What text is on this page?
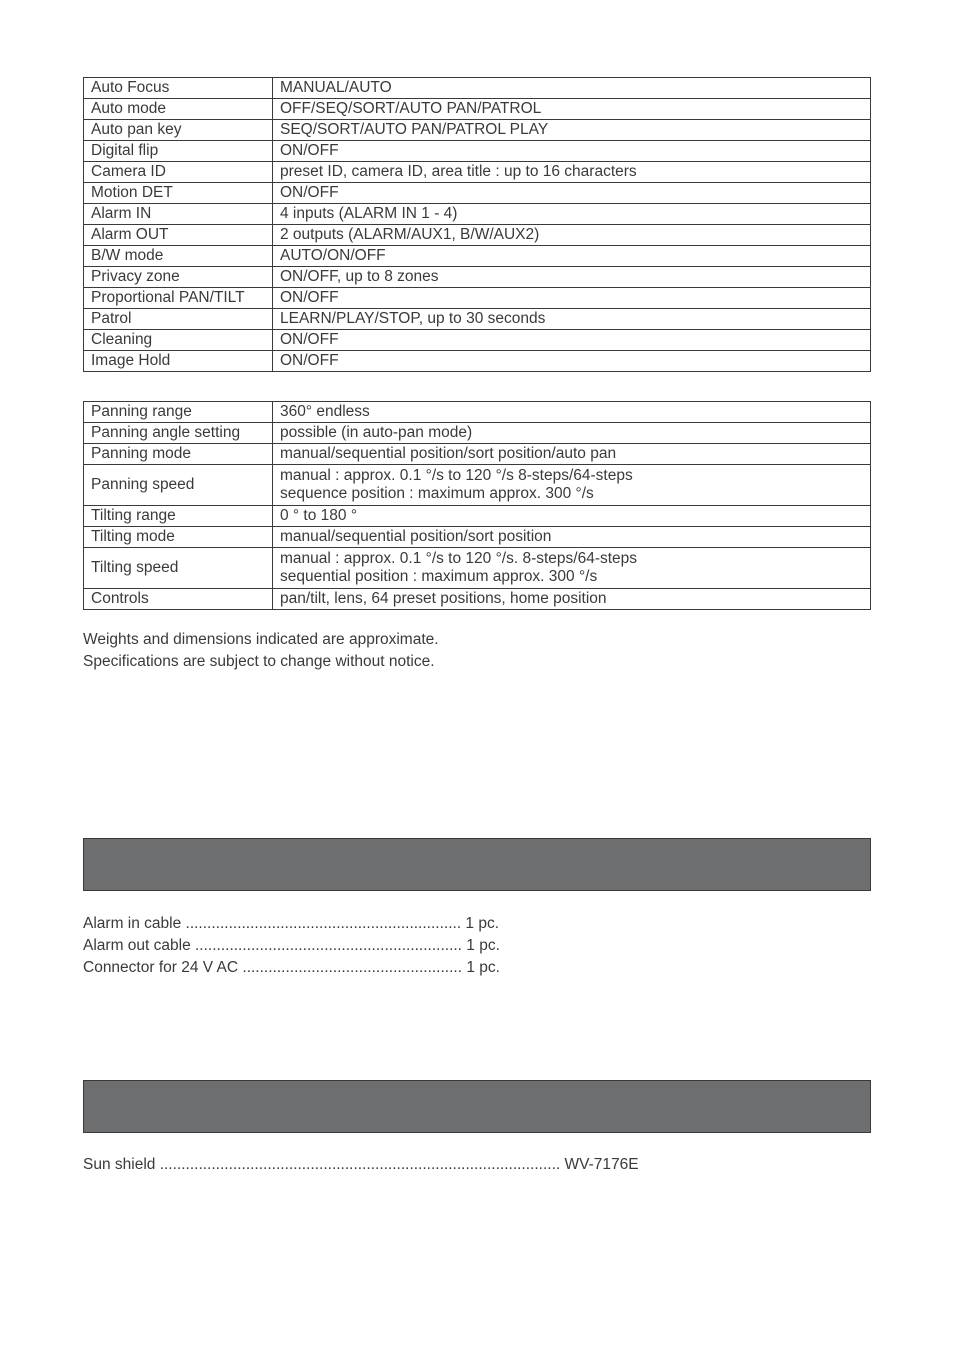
Auto Focus	MANUAL/AUTO
Auto mode	OFF/SEQ/SORT/AUTO PAN/PATROL
Auto pan key	SEQ/SORT/AUTO PAN/PATROL PLAY
Digital flip	ON/OFF
Camera ID	preset ID, camera ID, area title : up to 16 characters
Motion DET	ON/OFF
Alarm IN	4 inputs (ALARM IN 1 - 4)
Alarm OUT	2 outputs (ALARM/AUX1, B/W/AUX2)
B/W mode	AUTO/ON/OFF
Privacy zone	ON/OFF, up to 8 zones
Proportional PAN/TILT	ON/OFF
Patrol	LEARN/PLAY/STOP, up to 30 seconds
Cleaning	ON/OFF
Image Hold	ON/OFF
Panning range	360° endless
Panning angle setting	possible (in auto-pan mode)
Panning mode	manual/sequential position/sort position/auto pan
Panning speed	manual : approx. 0.1 °/s to 120 °/s 8-steps/64-steps
sequence position : maximum approx. 300 °/s

Tilting range	0 ° to 180 °
Tilting mode	manual/sequential position/sort position
Tilting speed	manual : approx. 0.1 °/s to 120 °/s. 8-steps/64-steps
sequential position : maximum approx. 300 °/s

Controls	pan/tilt, lens, 64 preset positions, home position
Weights and dimensions indicated are approximate.
Specifications are subject to change without notice.
Alarm in cable ................................................................ 1 pc.
Alarm out cable .............................................................. 1 pc.
Connector for 24 V AC ................................................... 1 pc.
Sun shield ............................................................................................. WV-7176E
